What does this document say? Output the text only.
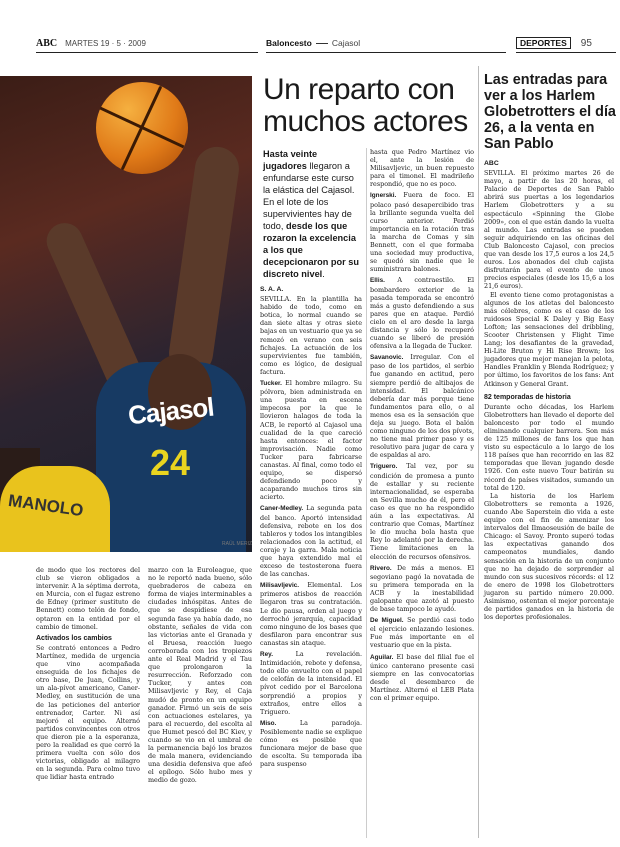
ABC MARTES 19 · 5 · 2009	Baloncesto Cajasol	DEPORTES	95
Cajasol
24
MANOLO
RAÚL MERIZ
Un reparto con muchos actores
Hasta veinte jugadores llegaron a enfundarse este curso la elástica del Cajasol. En el lote de los supervivientes hay de todo, desde los que rozaron la excelencia a los que decepcionaron por su discreto nivel.
S. A. A.

SEVILLA. En la plantilla ha habido de todo, como en botica, lo normal cuando se dan siete altas y otras siete bajas en un vestuario que ya se remozó en verano con seis fichajes. La actuación de los supervivientes fue también, como es lógico, de desigual factura.

Tucker. El hombre milagro. Su pólvora, bien administrada en una puesta en escena impecosa por la que le llovieron halagos de toda la ACB, le reportó al Cajasol una cualidad de la que careció hasta entonces: el factor improvisación. Nadie como Tucker para fabricarse canastas. Al final, como todo el equipo, se dispersó defendiendo poco y acaparando muchos tiros sin acierto.

Caner-Medley. La segunda pata del banco. Aportó intensidad defensiva, rebote en los dos tableros y todos los intangibles relacionados con la actitud, el coraje y la garra. Mala noticia que haya extendido mal el exceso de testosterona fuera de las canchas.

Milisavljevic. Elemental. Los primeros atisbos de reacción llegaron tras su contratación. Le dio pausa, orden al juego y derrochó jerarquía, capacidad como ninguno de los bases que desfilaron para encontrar sus canastas sin ataque.

Rey. La revelación. Intimidación, rebote y defensa, todo ello envuelto con el papel de celofán de la intensidad. El pívot cedido por el Barcelona sorprendió a propios y extraños, entre ellos a Triguero.

Miso. La paradoja. Posiblemente nadie se explique cómo es posible que funcionara mejor de base que de escolta. Su temporada iba para suspenso

hasta que Pedro Martínez vio el, ante la lesión de Milisavljevic, un buen repuesto para el timonel. El madrileño respondió, que no es poco.

Ignerski. Fuera de foco. El polaco pasó desapercibido tras la brillante segunda vuelta del curso anterior. Perdió importancia en la rotación tras la marcha de Comas y sin Bennett, con el que formaba una sociedad muy productiva, se quedó sin nadie que le suministrara balones.

Ellis. A contraestilo. El bombardero exterior de la pasada temporada se encontró más a gusto defendiendo a sus pares que en ataque. Perdió cielo en el aro desde la larga distancia y sólo lo recuperó cuando se liberó de presión ofensiva a la llegada de Tucker.

Savanovic. Irregular. Con el paso de los partidos, el serbio fue ganando en actitud, pero siempre perdió de altibajos de intensidad. El balcánico debería dar más porque tiene fundamentos para ello, o al menos esa es la sensación que deja su juego. Bota el balón como ninguno de los dos pívots, no tiene mal primer paso y es resolutivo para jugar de cara y de espaldas al aro.

Triguero. Tal vez, por su condición de promesa a punto de estallar y su reciente internacionalidad, se esperaba en Sevilla mucho de él, pero el caso es que no ha respondido aún a las expectativas. Al contrario que Comas, Martínez le dio mucha bola hasta que Rey lo adelantó por la derecha. Tiene limitaciones en la elección de recursos ofensivos.

Rivero. De más a menos. El segoviano pagó la novatada de su primera temporada en la ACB y la inestabilidad galopante que azotó al puesto de base tampoco le ayudó.

De Miguel. Se perdió casi todo el ejercicio enlazando lesiones. Fue más importante en el vestuario que en la pista.

Aguilar. El base del filial fue el único canterano presente casi siempre en las convocatorias desde el desembarco de Martínez. Alternó el LEB Plata con el primer equipo.

de modo que los rectores del club se vieron obligados a intervenir. A la séptima derrota, en Murcia, con el fugaz estreno de Edney (primer sustituto de Bennett) como telón de fondo, optaron en la entidad por el cambio de timonel.

Activados los cambios

Se contrató entonces a Pedro Martínez, medida de urgencia que vino acompañada enseguida de los fichajes de otro base, De Juan, Collins, y un ala-pívot americano, Caner-Medley, en sustitución de una de las peticiones del anterior entrenador, Carter. Ni así mejoró el equipo. Alternó partidos convincentes con otros que dieron pie a la esperanza, pero la realidad es que cerró la primera vuelta con sólo dos victorias, obligado al milagro en la segunda. Para colmo tuvo que lidiar hasta entrado

marzo con la Euroleague, que no le reportó nada bueno, sólo quebraderos de cabeza en forma de viajes interminables a ciudades inhóspitas. Antes de que se despidiese de esa segunda fase ya había dado, no obstante, señales de vida con las victorias ante el Granada y el Bruesa, reacción luego corroborada con los tropiezos ante el Real Madrid y el Tau que prolongaron la resurrección. Reforzado con Tucker, y antes con Milisavljevic y Rey, el Caja mudó de pronto en un equipo ganador. Firmó un seis de seis con actuaciones estelares, ya para el recuerdo, del escolta al que Humet pescó del BC Kiev, y cuando se vio en el umbral de la permanencia bajó los brazos de mala manera, evidenciando una desidia defensiva que afeó el epílogo. Sólo hubo mes y medio de gozo.

Las entradas para ver a los Harlem Globetrotters el día 26, a la venta en San Pablo
ABC

SEVILLA. El próximo martes 26 de mayo, a partir de las 20 horas, el Palacio de Deportes de San Pablo abrirá sus puertas a los legendarios Harlem Globetrotters y a su espectáculo «Spinning the Globe 2009», con el que están dando la vuelta al mundo. Las entradas se pueden seguir adquiriendo en las oficinas del Club Baloncesto Cajasol, con precios que van desde los 17,5 euros a los 24,5 euros. Los abonados del club cajista disfrutarán para el evento de unos precios especiales (desde los 15,6 a los 21,6 euros).

El evento tiene como protagonistas a algunos de los atletas del baloncesto más célebres, como es el caso de los ruidosos Special K Daley y Big Easy Lofton; las sensaciones del dribbling, Scooter Christensen y Flight Time Lang; los desafiantes de la gravedad, Hi-Lite Bruton y Hi Rise Brown; los jugadores que mejor manejan la pelota, Handles Franklin y Blenda Rodríguez; y por último, los favoritos de los fans: Ant Atkinson y General Grant.

82 temporadas de historia

Durante ocho décadas, los Harlem Globetrotters han llevado el deporte del baloncesto por todo el mundo eliminando cualquier barrera. Son más de 125 millones de fans los que han visto su espectáculo a lo largo de los 118 países que han recorrido en las 82 temporadas que llevan jugando desde 1926. Con este nuevo Tour batirán su récord de países visitados, sumando un total de 120.

La historia de los Harlem Globetrotters se remonta a 1926, cuando Abe Saperstein dio vida a este equipo con el fin de amenizar los intervalos del Ilmaoseusión de baile de Chicago: el Savoy. Pronto superó todas las expectativas ganando dos campeonatos mundiales, dando sensación en la historia de un conjunto que no ha dejado de sorprender al mundo con sus sucesivos récords: el 12 de enero de 1998 los Globetrotters jugaron su partido número 20.000. Asimismo, ostentan el mejor porcentaje de partidos ganados en la historia de los deportes profesionales.
